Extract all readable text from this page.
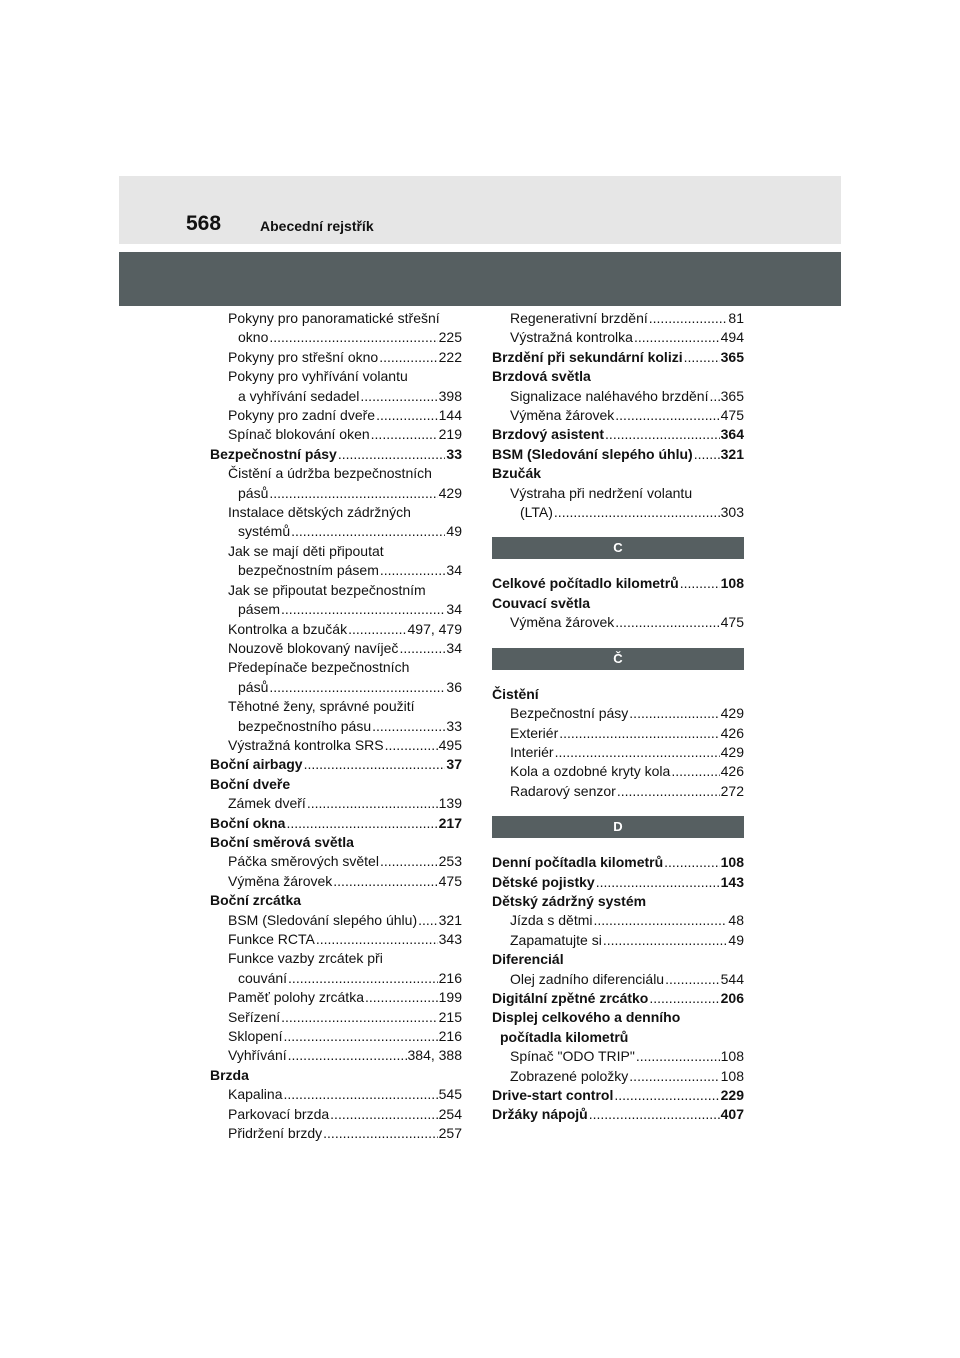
568	Abecední rejstřík
Pokyny pro panoramatické střešní
okno .....	225
Pokyny pro střešní okno .....	222
Pokyny pro vyhřívání volantu
a vyhřívání sedadel .....	398
Pokyny pro zadní dveře .....	144
Spínač blokování oken .....	219
Bezpečnostní pásy .....	33
Čistění a údržba bezpečnostních
pásů .....	429
Instalace dětských zádržných
systémů .....	49
Jak se mají děti připoutat
bezpečnostním pásem .....	34
Jak se připoutat bezpečnostním
pásem .....	34
Kontrolka a bzučák .....	497, 479
Nouzově blokovaný navíječ .....	34
Předepínače bezpečnostních
pásů .....	36
Těhotné ženy, správné použití
bezpečnostního pásu .....	33
Výstražná kontrolka SRS .....	495
Boční airbagy .....	37
Boční dveře
Zámek dveří .....	139
Boční okna .....	217
Boční směrová světla
Páčka směrových světel .....	253
Výměna žárovek .....	475
Boční zrcátka
BSM (Sledování slepého úhlu) ..... 321
Funkce RCTA .....	343
Funkce vazby zrcátek při
couvání .....	216
Paměť polohy zrcátka .....	199
Seřízení .....	215
Sklopení .....	216
Vyhřívání .....	384, 388
Brzda
Kapalina .....	545
Parkovací brzda .....	254
Přidržení brzdy .....	257
Regenerativní brzdění .....	81
Výstražná kontrolka .....	494
Brzdění při sekundární kolizi .....	365
Brzdová světla
Signalizace naléhavého brzdění ..... 365
Výměna žárovek .....	475
Brzdový asistent .....	364
BSM (Sledování slepého úhlu) ..... 321
Bzučák
Výstraha při nedržení volantu
(LTA) .....	303
C
Celkové počítadlo kilometrů .....	108
Couvací světla
Výměna žárovek .....	475
Č
Čistění
Bezpečnostní pásy .....	429
Exteriér .....	426
Interiér .....	429
Kola a ozdobné kryty kola .....	426
Radarový senzor .....	272
D
Denní počítadla kilometrů .....	108
Dětské pojistky .....	143
Dětský zádržný systém
Jízda s dětmi .....	48
Zapamatujte si .....	49
Diferenciál
Olej zadního diferenciálu .....	544
Digitální zpětné zrcátko .....	206
Displej celkového a denního
počítadla kilometrů
Spínač "ODO TRIP" .....	108
Zobrazené položky .....	108
Drive-start control .....	229
Držáky nápojů .....	407
